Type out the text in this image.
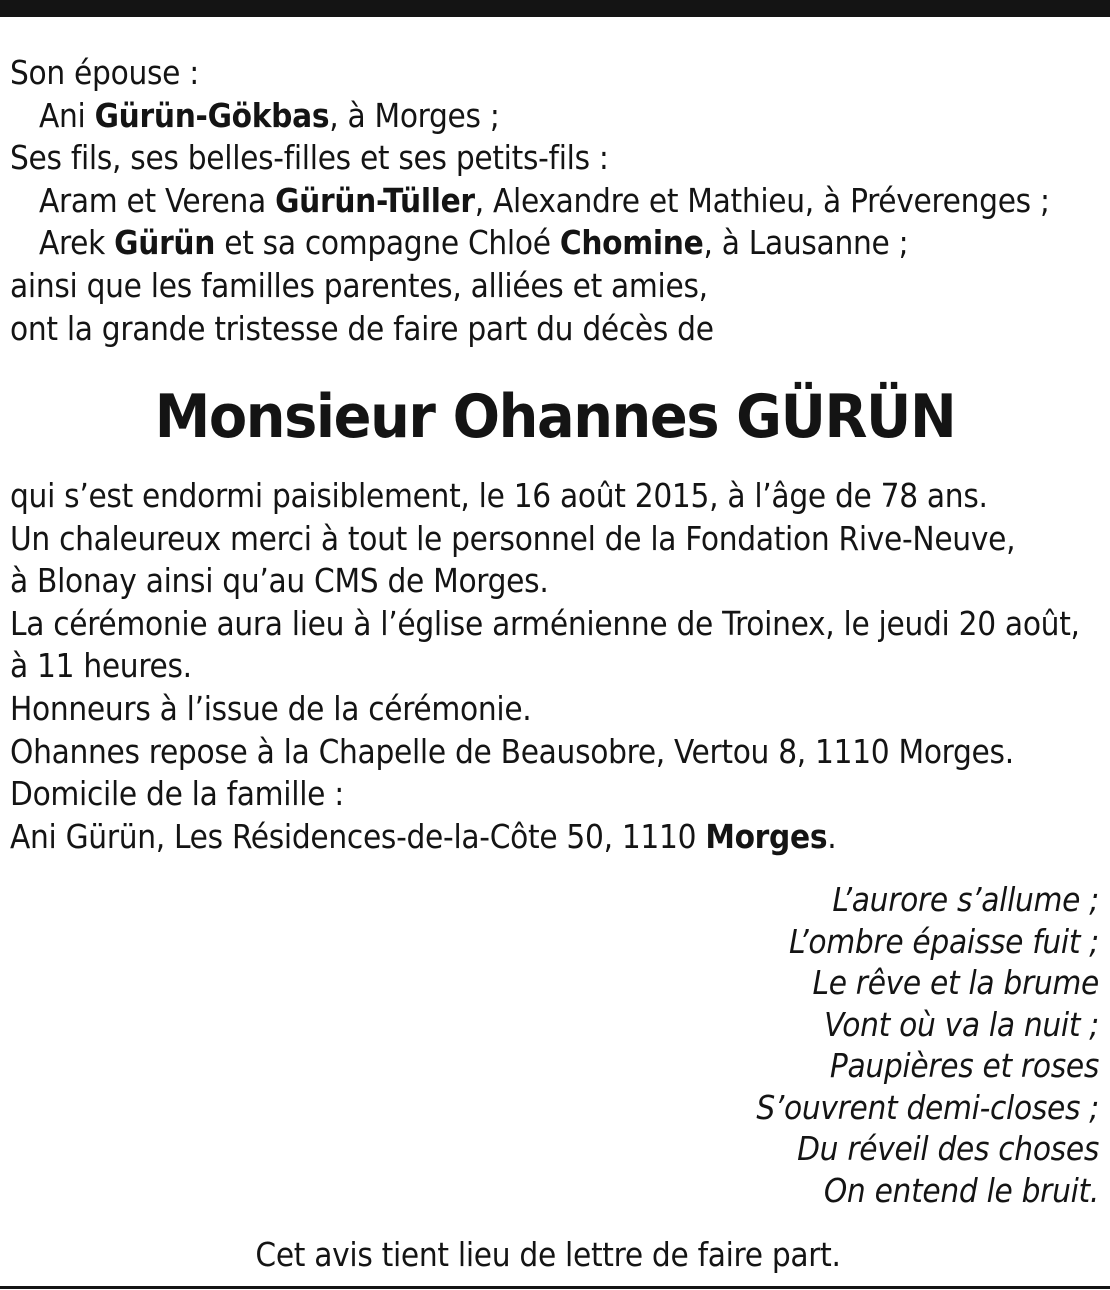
Son épouse :
Ani Gürün-Gökbas, à Morges ;
Ses fils, ses belles-filles et ses petits-fils :
Aram et Verena Gürün-Tüller, Alexandre et Mathieu, à Préverenges ;
Arek Gürün et sa compagne Chloé Chomine, à Lausanne ;
ainsi que les familles parentes, alliées et amies,
ont la grande tristesse de faire part du décès de
Monsieur Ohannes GÜRÜN
qui s’est endormi paisiblement, le 16 août 2015, à l’âge de 78 ans.
Un chaleureux merci à tout le personnel de la Fondation Rive-Neuve,
à Blonay ainsi qu’au CMS de Morges.
La cérémonie aura lieu à l’église arménienne de Troinex, le jeudi 20 août,
à 11 heures.
Honneurs à l’issue de la cérémonie.
Ohannes repose à la Chapelle de Beausobre, Vertou 8, 1110 Morges.
Domicile de la famille :
Ani Gürün, Les Résidences-de-la-Côte 50, 1110 Morges.
L’aurore s’allume ;
L’ombre épaisse fuit ;
Le rêve et la brume
Vont où va la nuit ;
Paupières et roses
S’ouvrent demi-closes ;
Du réveil des choses
On entend le bruit.
Cet avis tient lieu de lettre de faire part.
